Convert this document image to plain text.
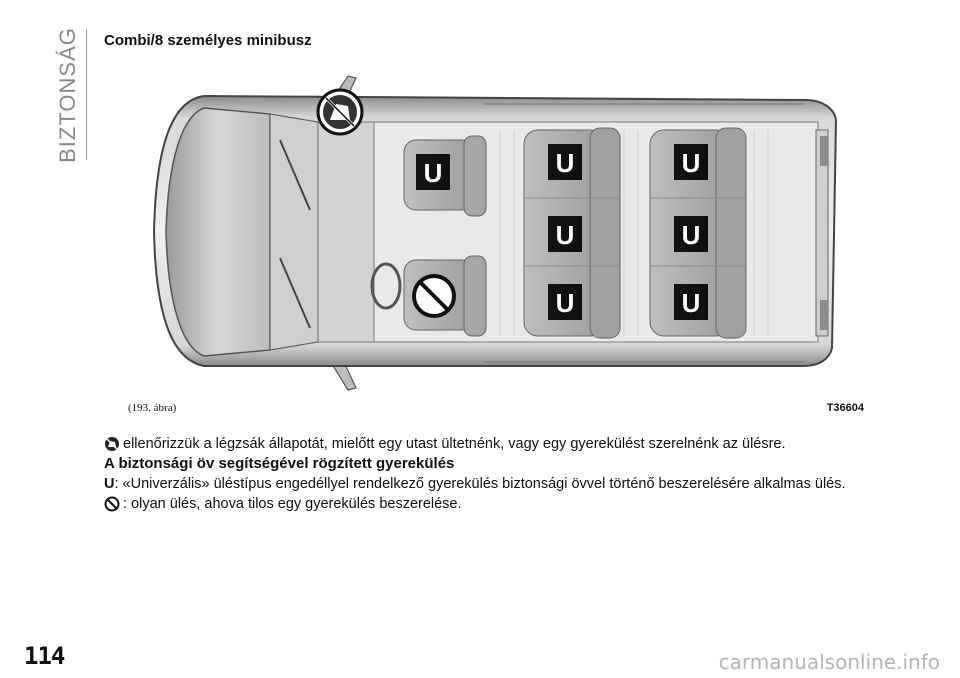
BIZTONSÁG Combi/8 személyes minibusz
U	U
U
U
U
U
U
(193. ábra)	T36604
ellenőrizzük a légzsák állapotát, mielőtt egy utast ültetnénk, vagy egy gyerekülést szerelnénk az ülésre.
A biztonsági öv segítségével rögzített gyerekülés
U : «Univerzális» üléstípus engedéllyel rendelkező gyerekülés biztonsági övvel történő beszerelésére alkalmas ülés.
: olyan ülés, ahova tilos egy gyerekülés beszerelése.
114	carmanualsonline.info
